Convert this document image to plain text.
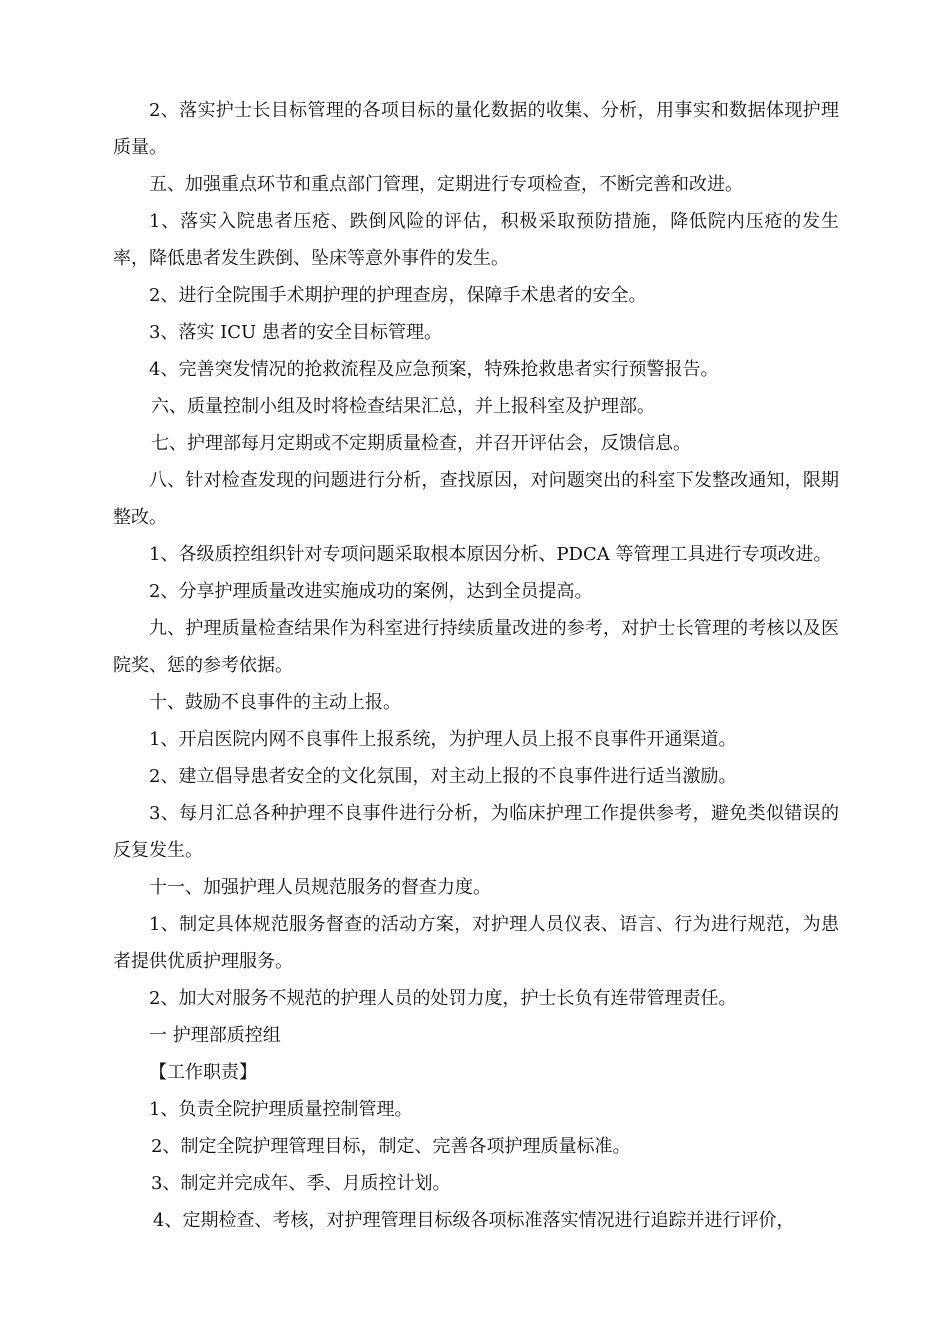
2、落实护士长目标管理的各项目标的量化数据的收集、分析，用事实和数据体现护理质量。

五、加强重点环节和重点部门管理，定期进行专项检查，不断完善和改进。

1、落实入院患者压疮、跌倒风险的评估，积极采取预防措施，降低院内压疮的发生率，降低患者发生跌倒、坠床等意外事件的发生。

2、进行全院围手术期护理的护理查房，保障手术患者的安全。

3、落实 ICU 患者的安全目标管理。

4、完善突发情况的抢救流程及应急预案，特殊抢救患者实行预警报告。

六、质量控制小组及时将检查结果汇总，并上报科室及护理部。

七、护理部每月定期或不定期质量检查，并召开评估会，反馈信息。

八、针对检查发现的问题进行分析，查找原因，对问题突出的科室下发整改通知，限期整改。

1、各级质控组织针对专项问题采取根本原因分析、PDCA 等管理工具进行专项改进。

2、分享护理质量改进实施成功的案例，达到全员提高。

九、护理质量检查结果作为科室进行持续质量改进的参考，对护士长管理的考核以及医院奖、惩的参考依据。

十、鼓励不良事件的主动上报。

1、开启医院内网不良事件上报系统，为护理人员上报不良事件开通渠道。

2、建立倡导患者安全的文化氛围，对主动上报的不良事件进行适当激励。

3、每月汇总各种护理不良事件进行分析，为临床护理工作提供参考，避免类似错误的反复发生。

十一、加强护理人员规范服务的督查力度。

1、制定具体规范服务督查的活动方案，对护理人员仪表、语言、行为进行规范，为患者提供优质护理服务。

2、加大对服务不规范的护理人员的处罚力度，护士长负有连带管理责任。

一 护理部质控组

【工作职责】

1、负责全院护理质量控制管理。

2、制定全院护理管理目标，制定、完善各项护理质量标准。

3、制定并完成年、季、月质控计划。

4、定期检查、考核，对护理管理目标级各项标准落实情况进行追踪并进行评价，
